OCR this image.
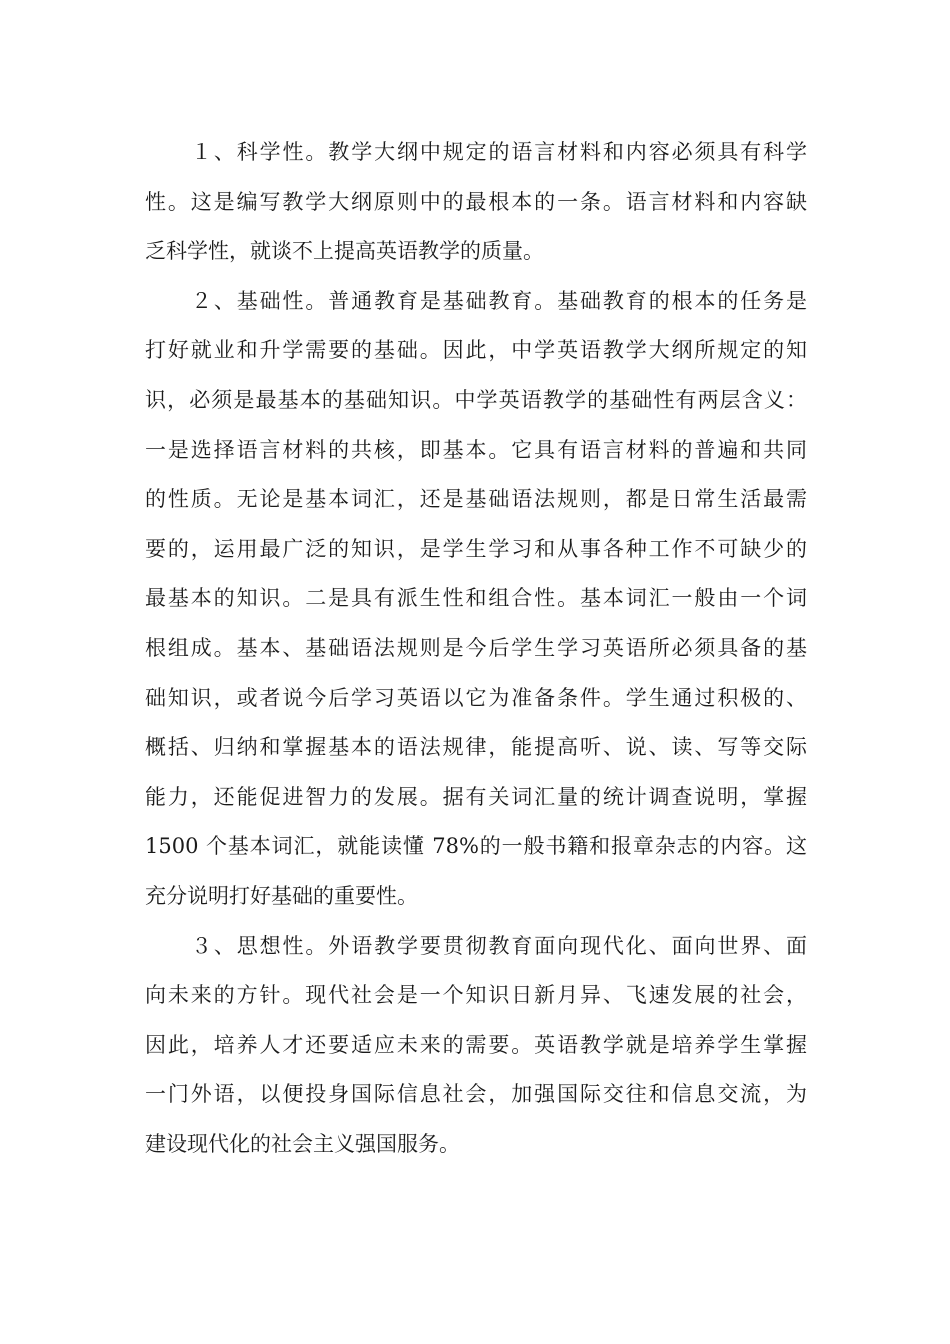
１、科学性。教学大纲中规定的语言材料和内容必须具有科学
性。这是编写教学大纲原则中的最根本的一条。语言材料和内容缺
乏科学性，就谈不上提高英语教学的质量。

２、基础性。普通教育是基础教育。基础教育的根本的任务是
打好就业和升学需要的基础。因此，中学英语教学大纲所规定的知
识，必须是最基本的基础知识。中学英语教学的基础性有两层含义：
一是选择语言材料的共核，即基本。它具有语言材料的普遍和共同
的性质。无论是基本词汇，还是基础语法规则，都是日常生活最需
要的，运用最广泛的知识，是学生学习和从事各种工作不可缺少的
最基本的知识。二是具有派生性和组合性。基本词汇一般由一个词
根组成。基本、基础语法规则是今后学生学习英语所必须具备的基
础知识，或者说今后学习英语以它为准备条件。学生通过积极的、
概括、归纳和掌握基本的语法规律，能提高听、说、读、写等交际
能力，还能促进智力的发展。据有关词汇量的统计调查说明，掌握
1500 个基本词汇，就能读懂 78%的一般书籍和报章杂志的内容。这
充分说明打好基础的重要性。

３、思想性。外语教学要贯彻教育面向现代化、面向世界、面
向未来的方针。现代社会是一个知识日新月异、飞速发展的社会，
因此，培养人才还要适应未来的需要。英语教学就是培养学生掌握
一门外语，以便投身国际信息社会，加强国际交往和信息交流，为
建设现代化的社会主义强国服务。
